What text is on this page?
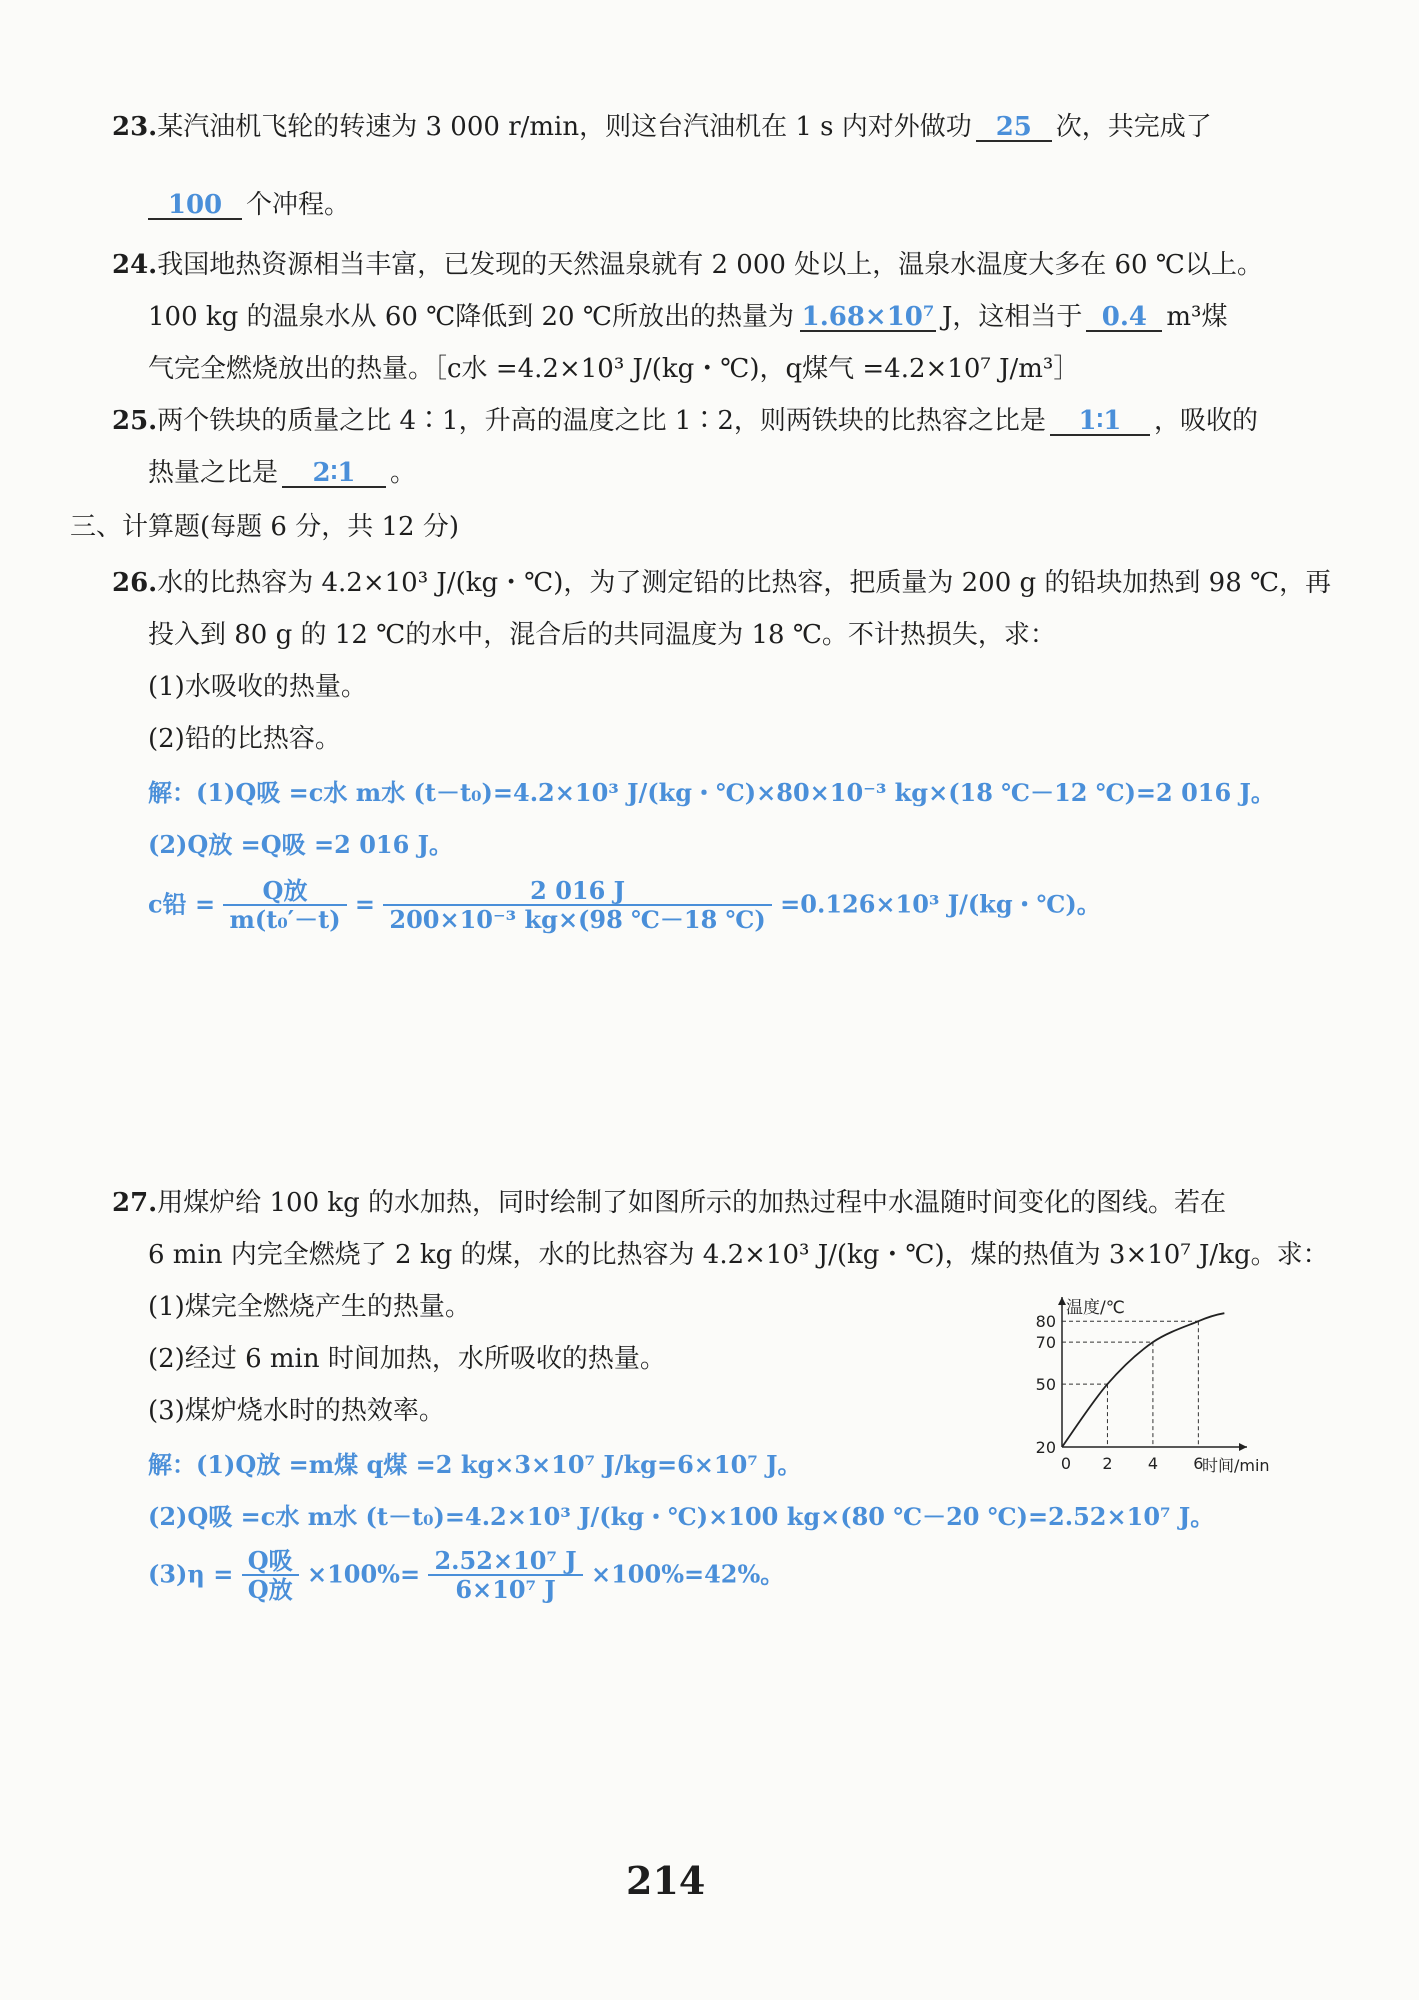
23.某汽油机飞轮的转速为 3 000 r/min，则这台汽油机在 1 s 内对外做功 25 次，共完成了
100 个冲程。
24.我国地热资源相当丰富，已发现的天然温泉就有 2 000 处以上，温泉水温度大多在 60 ℃以上。
100 kg 的温泉水从 60 ℃降低到 20 ℃所放出的热量为 1.68×10⁷ J，这相当于 0.4 m³煤
气完全燃烧放出的热量。［c水 =4.2×10³ J/(kg・℃)，q煤气 =4.2×10⁷ J/m³］
25.两个铁块的质量之比 4∶1，升高的温度之比 1∶2，则两铁块的比热容之比是 1∶1 ，吸收的
热量之比是 2∶1 。
三、计算题(每题 6 分，共 12 分)
26.水的比热容为 4.2×10³ J/(kg・℃)，为了测定铅的比热容，把质量为 200 g 的铅块加热到 98 ℃，再
投入到 80 g 的 12 ℃的水中，混合后的共同温度为 18 ℃。不计热损失，求：
(1)水吸收的热量。
(2)铅的比热容。
解：(1)Q吸 =c水 m水 (t－t₀)=4.2×10³ J/(kg・℃)×80×10⁻³ kg×(18 ℃－12 ℃)=2 016 J。
(2)Q放 =Q吸 =2 016 J。
c铅 = $\frac{\text{Q放}}{\text{m(t₀′－t)}} = \frac{2 016 J}{\text{200×10⁻³ kg×(98 ℃－18 ℃)}} =0.126\times 10^3$ J/(kg・℃)。
27.用煤炉给 100 kg 的水加热，同时绘制了如图所示的加热过程中水温随时间变化的图线。若在
6 min 内完全燃烧了 2 kg 的煤，水的比热容为 4.2×10³ J/(kg・℃)，煤的热值为 3×10⁷ J/kg。求：
(1)煤完全燃烧产生的热量。
(2)经过 6 min 时间加热，水所吸收的热量。
(3)煤炉烧水时的热效率。
解：(1)Q放 =m煤 q煤 =2 kg×3×10⁷ J/kg=6×10⁷ J。
(2)Q吸 =c水 m水 (t－t₀)=4.2×10³ J/(kg・℃)×100 kg×(80 ℃－20 ℃)=2.52×10⁷ J。
$(3)\eta = \frac{\text{Q吸}}{\text{Q放}} \times 100\%= \frac{\text{2.52×10⁷ J}}{\text{6×10⁷ J}} \times 100\%=42\%$。
温度/℃
时间/min
20
50
70
80
0 2 4 6
214
